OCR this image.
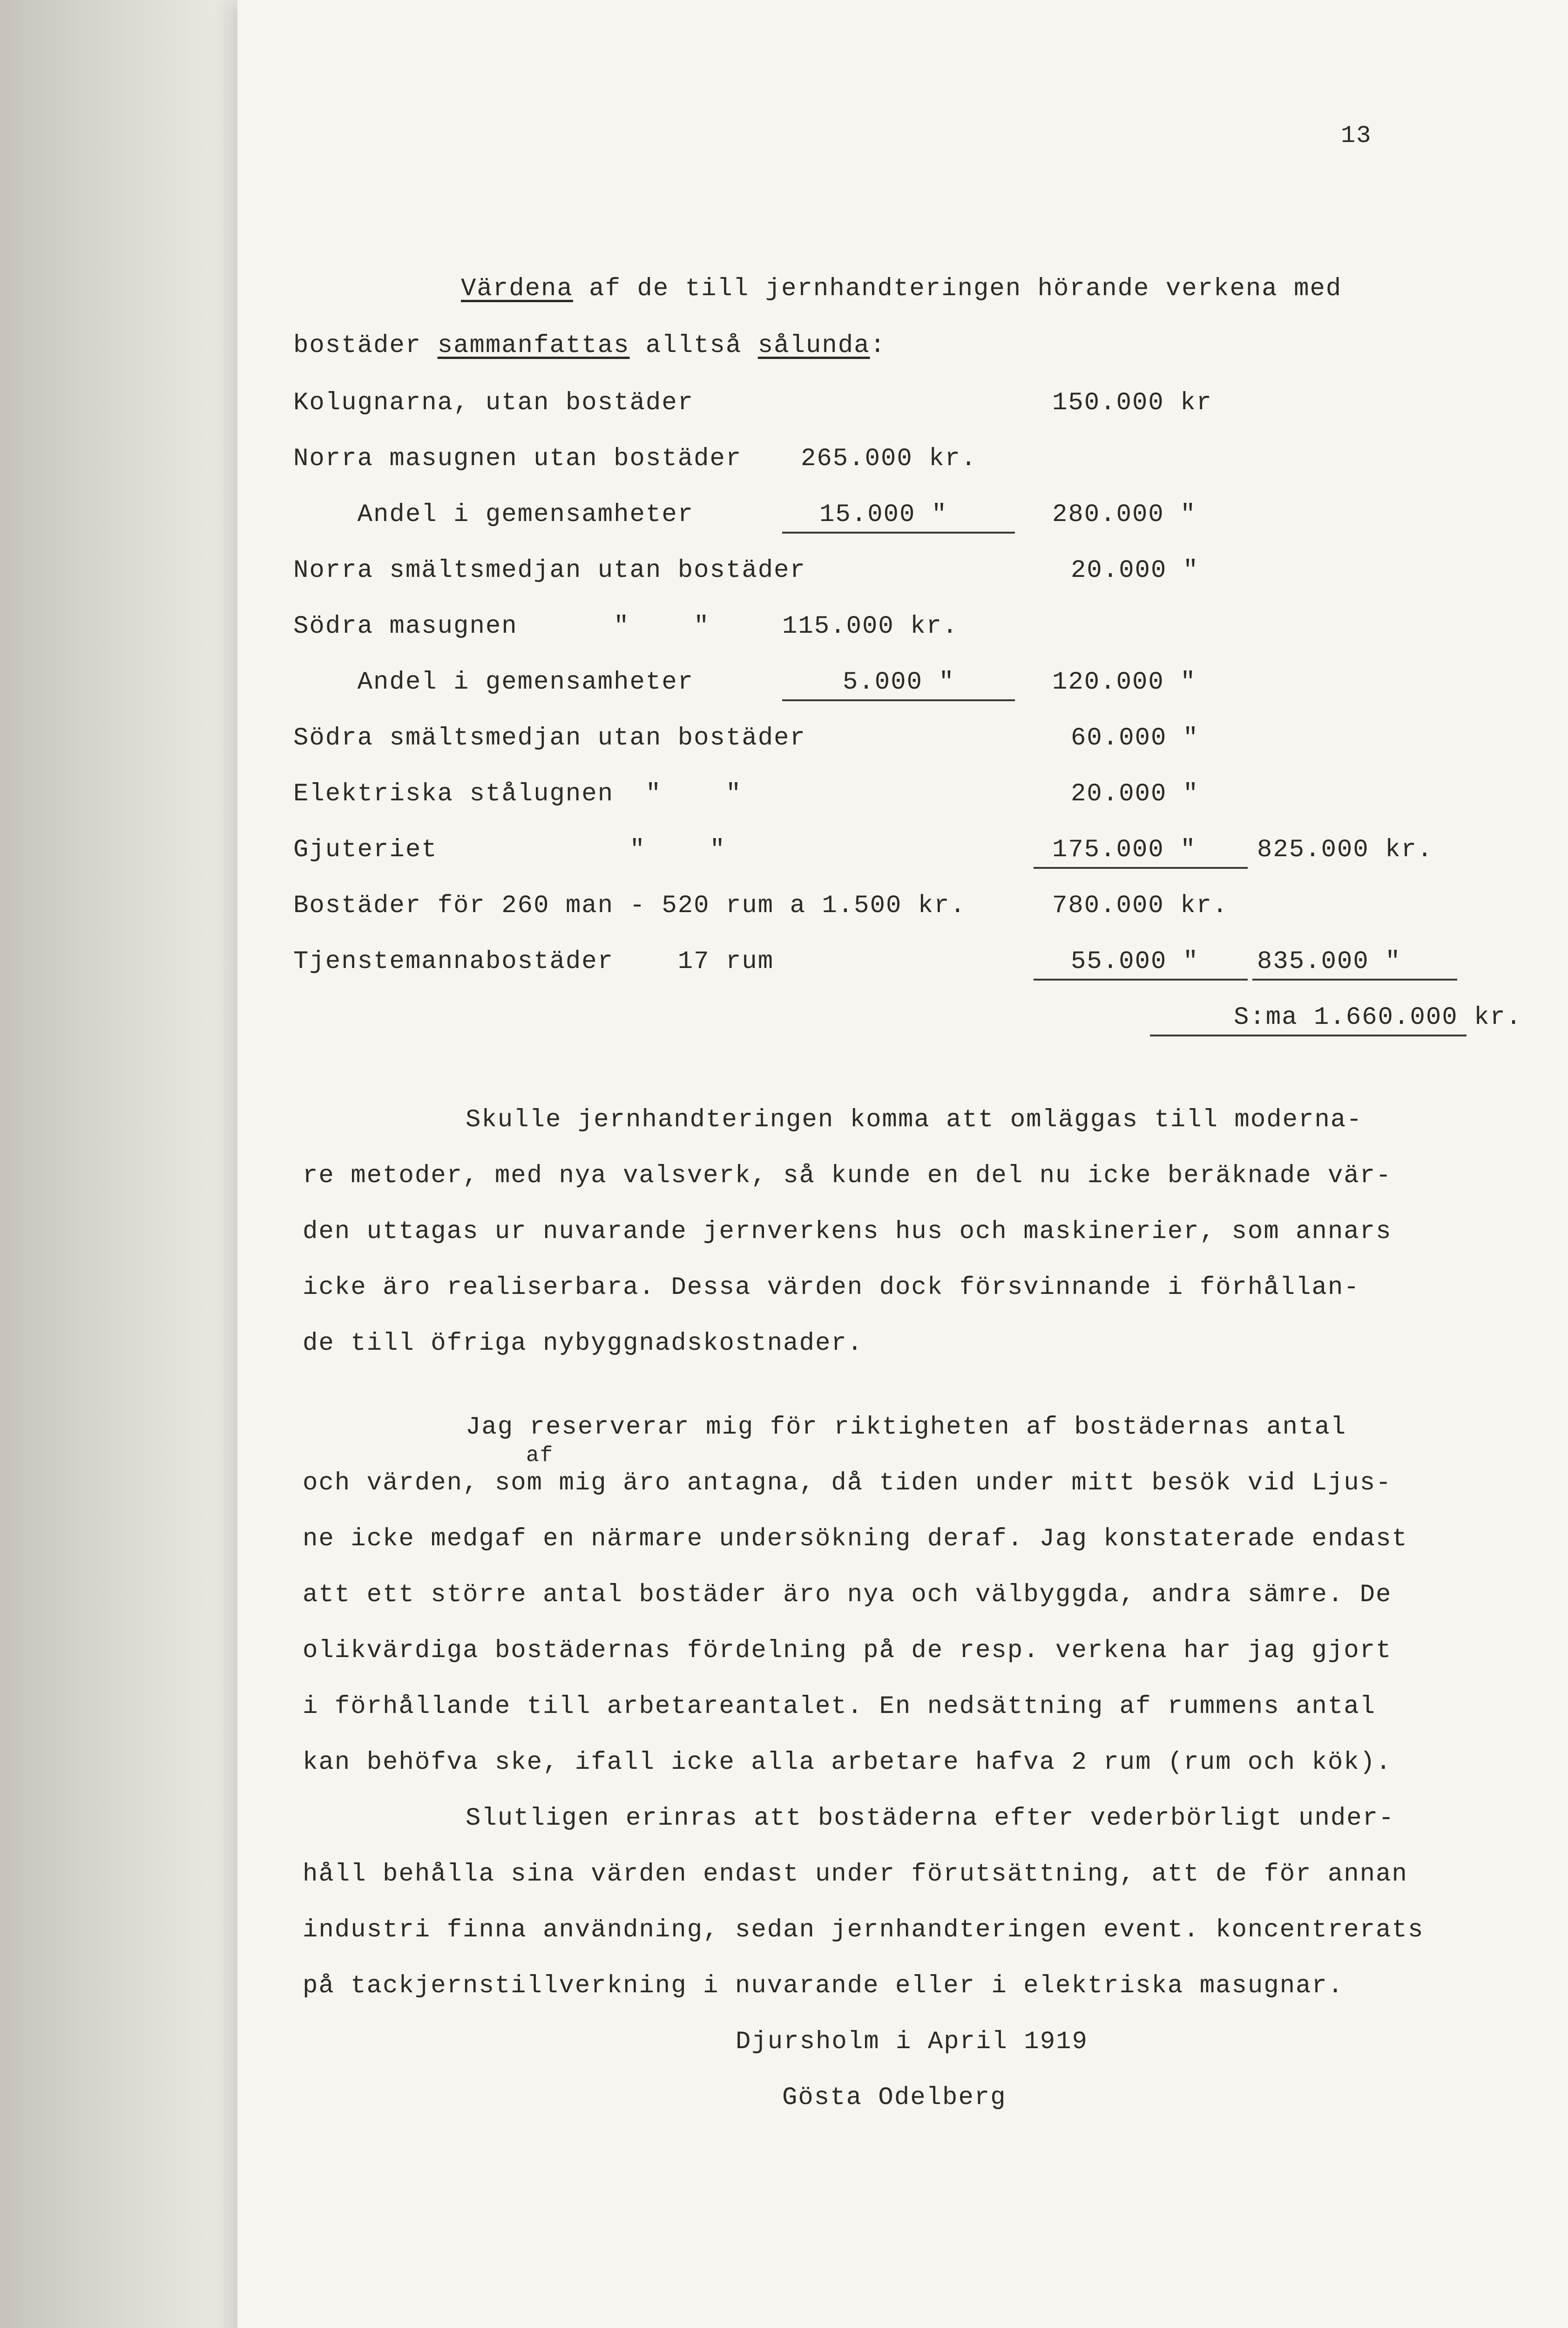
13
Värdena af de till jernhandteringen hörande verkena med
bostäder sammanfattas alltså sålunda:
Kolugnarna, utan bostäder	150.000 kr
Norra masugnen utan bostäder 265.000 kr.
Andel i gemensamheter	15.000 "	280.000 "
Norra smältsmedjan utan bostäder	20.000 "
Södra masugnen      "    "	115.000 kr.
Andel i gemensamheter	5.000 "	120.000 "
Södra smältsmedjan utan bostäder	60.000 "
Elektriska stålugnen  "    "	20.000 "
Gjuteriet            "    "	175.000 " 825.000 kr.
Bostäder för 260 man - 520 rum a 1.500 kr.	780.000 kr.
Tjenstemannabostäder    17 rum	55.000 " 835.000 "
S:ma 1.660.000 kr.
Skulle jernhandteringen komma att omläggas till moderna-
re metoder, med nya valsverk, så kunde en del nu icke beräknade vär-
den uttagas ur nuvarande jernverkens hus och maskinerier, som annars
icke äro realiserbara. Dessa värden dock försvinnande i förhållan-
de till öfriga nybyggnadskostnader.
Jag reserverar mig för riktigheten af bostädernas antal
af
och värden, som mig äro antagna, då tiden under mitt besök vid Ljus-
ne icke medgaf en närmare undersökning deraf. Jag konstaterade endast
att ett större antal bostäder äro nya och välbyggda, andra sämre. De
olikvärdiga bostädernas fördelning på de resp. verkena har jag gjort
i förhållande till arbetareantalet. En nedsättning af rummens antal
kan behöfva ske, ifall icke alla arbetare hafva 2 rum (rum och kök).
Slutligen erinras att bostäderna efter vederbörligt under-
håll behålla sina värden endast under förutsättning, att de för annan
industri finna användning, sedan jernhandteringen event. koncentrerats
på tackjernstillverkning i nuvarande eller i elektriska masugnar.
Djursholm i April 1919
Gösta Odelberg
